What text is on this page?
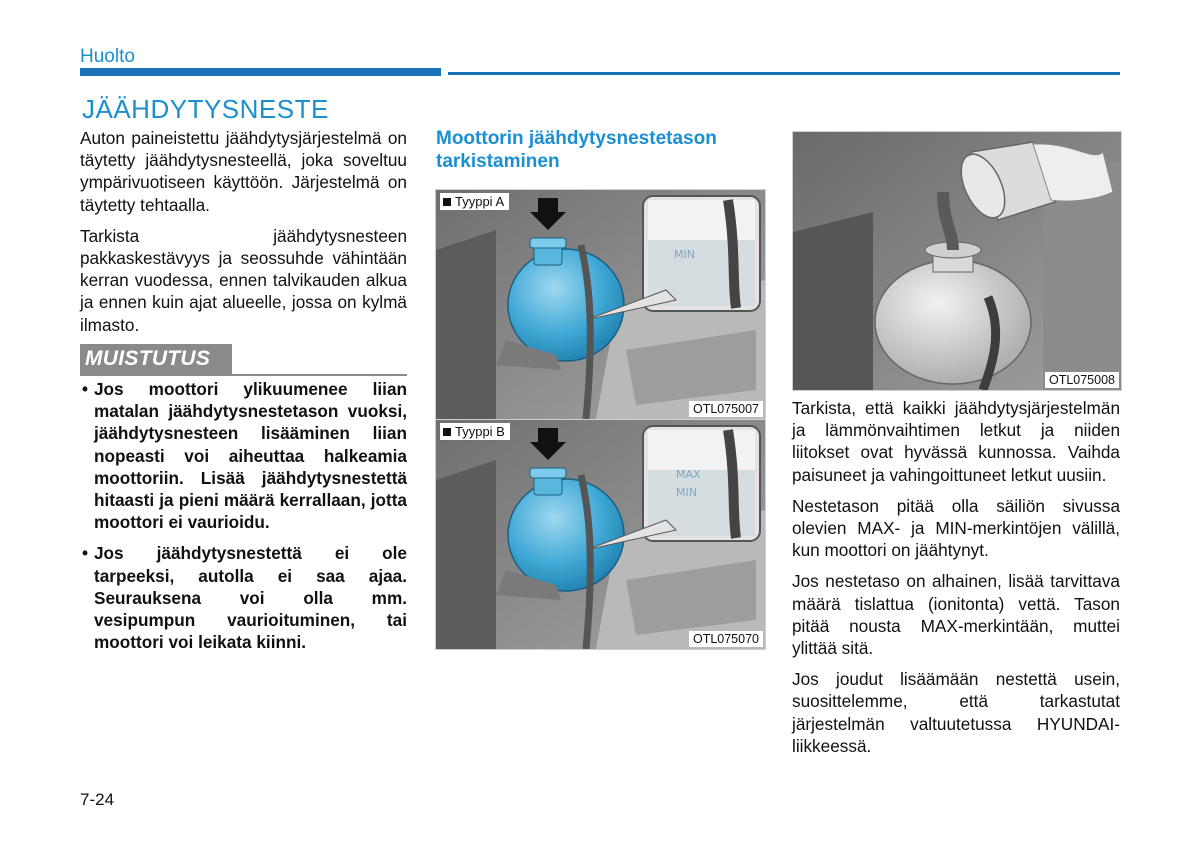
Huolto
JÄÄHDYTYSNESTE

Auton paineistettu jäähdytysjärjestelmä on täytetty jäähdytysnesteellä, joka soveltuu ympärivuotiseen käyttöön. Järjestelmä on täytetty tehtaalla.

Tarkista jäähdytysnesteen pakkaskestävyys ja seossuhde vähintään kerran vuodessa, ennen talvikauden alkua ja ennen kuin ajat alueelle, jossa on kylmä ilmasto.

MUISTUTUS
• Jos moottori ylikuumenee liian matalan jäähdytysnestetason vuoksi, jäähdytysnesteen lisääminen liian nopeasti voi aiheuttaa halkeamia moottoriin. Lisää jäähdytysnestettä hitaasti ja pieni määrä kerrallaan, jotta moottori ei vaurioidu.
• Jos jäähdytysnestettä ei ole tarpeeksi, autolla ei saa ajaa. Seurauksena voi olla mm. vesipumpun vaurioituminen, tai moottori voi leikata kiinni.
Moottorin jäähdytysnestetason tarkistaminen
MIN
Tyyppi A
OTL075007
MAX
MIN
Tyyppi B
OTL075070
OTL075008

Tarkista, että kaikki jäähdytysjärjestelmän ja lämmönvaihtimen letkut ja niiden liitokset ovat hyvässä kunnossa. Vaihda paisuneet ja vahingoittuneet letkut uusiin.

Nestetason pitää olla säiliön sivussa olevien MAX- ja MIN-merkintöjen välillä, kun moottori on jäähtynyt.

Jos nestetaso on alhainen, lisää tarvittava määrä tislattua (ionitonta) vettä. Tason pitää nousta MAX-merkintään, muttei ylittää sitä.

Jos joudut lisäämään nestettä usein, suosittelemme, että tarkastutat järjestelmän valtuutetussa HYUNDAI-liikkeessä.

7-24
